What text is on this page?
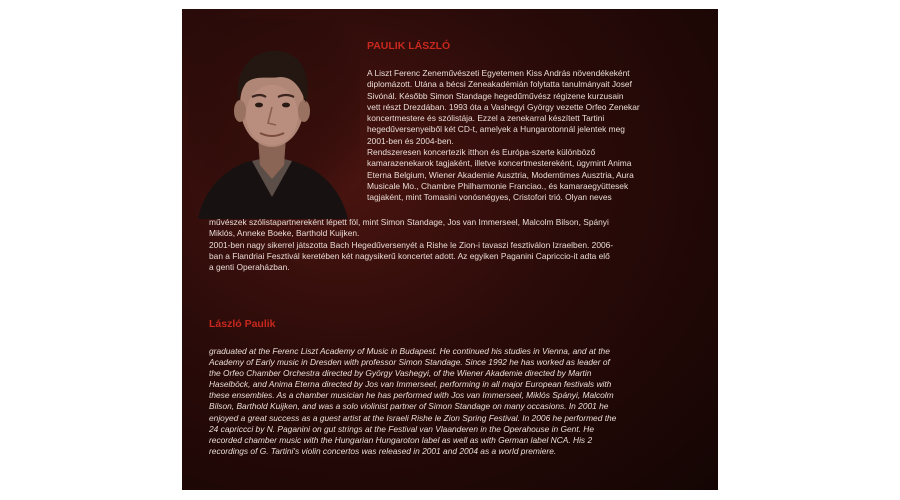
PAULIK LÁSZLÓ
A Liszt Ferenc Zeneművészeti Egyetemen Kiss András növendékeként
diplomázott. Utána a bécsi Zeneakadémián folytatta tanulmányait Josef
Sivónál. Később Simon Standage hegedűművész régizene kurzusain
vett részt Drezdában. 1993 óta a Vashegyi György vezette Orfeo Zenekar
koncertmestere és szólistája. Ezzel a zenekarral készített Tartini
hegedűversenyeiből két CD-t, amelyek a Hungarotonnál jelentek meg
2001-ben és 2004-ben.
Rendszeresen koncertezik itthon és Európa-szerte különböző
kamarazenekarok tagjaként, illetve koncertmestereként, úgymint Anima
Eterna Belgium, Wiener Akademie Ausztria, Moderntimes Ausztria, Aura
Musicale Mo., Chambre Philharmonie Franciao., és kamaraegyüttesek
tagjaként, mint Tomasini vonósnégyes, Cristofori trió. Olyan neves
művészek szólistapartnereként lépett föl, mint Simon Standage, Jos van Immerseel, Malcolm Bilson, Spányi
Miklós, Anneke Boeke, Barthold Kuijken.
2001-ben nagy sikerrel játszotta Bach Hegedűversenyét a Rishe le Zion-i tavaszi fesztiválon Izraelben. 2006-
ban a Flandriai Fesztivál keretében két nagysikerű koncertet adott. Az egyiken Paganini Capriccio-it adta elő
a genti Operaházban.
László Paulik
graduated at the Ferenc Liszt Academy of Music in Budapest. He continued his studies in Vienna, and at the
Academy of Early music in Dresden with professor Simon Standage. Since 1992 he has worked as leader of
the Orfeo Chamber Orchestra directed by György Vashegyi, of the Wiener Akademie directed by Martin
Haselböck, and Anima Eterna directed by Jos van Immerseel, performing in all major European festivals with
these ensembles. As a chamber musician he has performed with Jos van Immerseel, Miklós Spányi, Malcolm
Bilson, Barthold Kuijken, and was a solo violinist partner of Simon Standage on many occasions. In 2001 he
enjoyed a great success as a guest artist at the Israeli Rishe le Zion Spring Festival. In 2006 he performed the
24 capriccci by N. Paganini on gut strings at the Festival van Vlaanderen in the Operahouse in Gent. He
recorded chamber music with the Hungarian Hungaroton label as well as with German label NCA. His 2
recordings of G. Tartini's violin concertos was released in 2001 and 2004 as a world premiere.
